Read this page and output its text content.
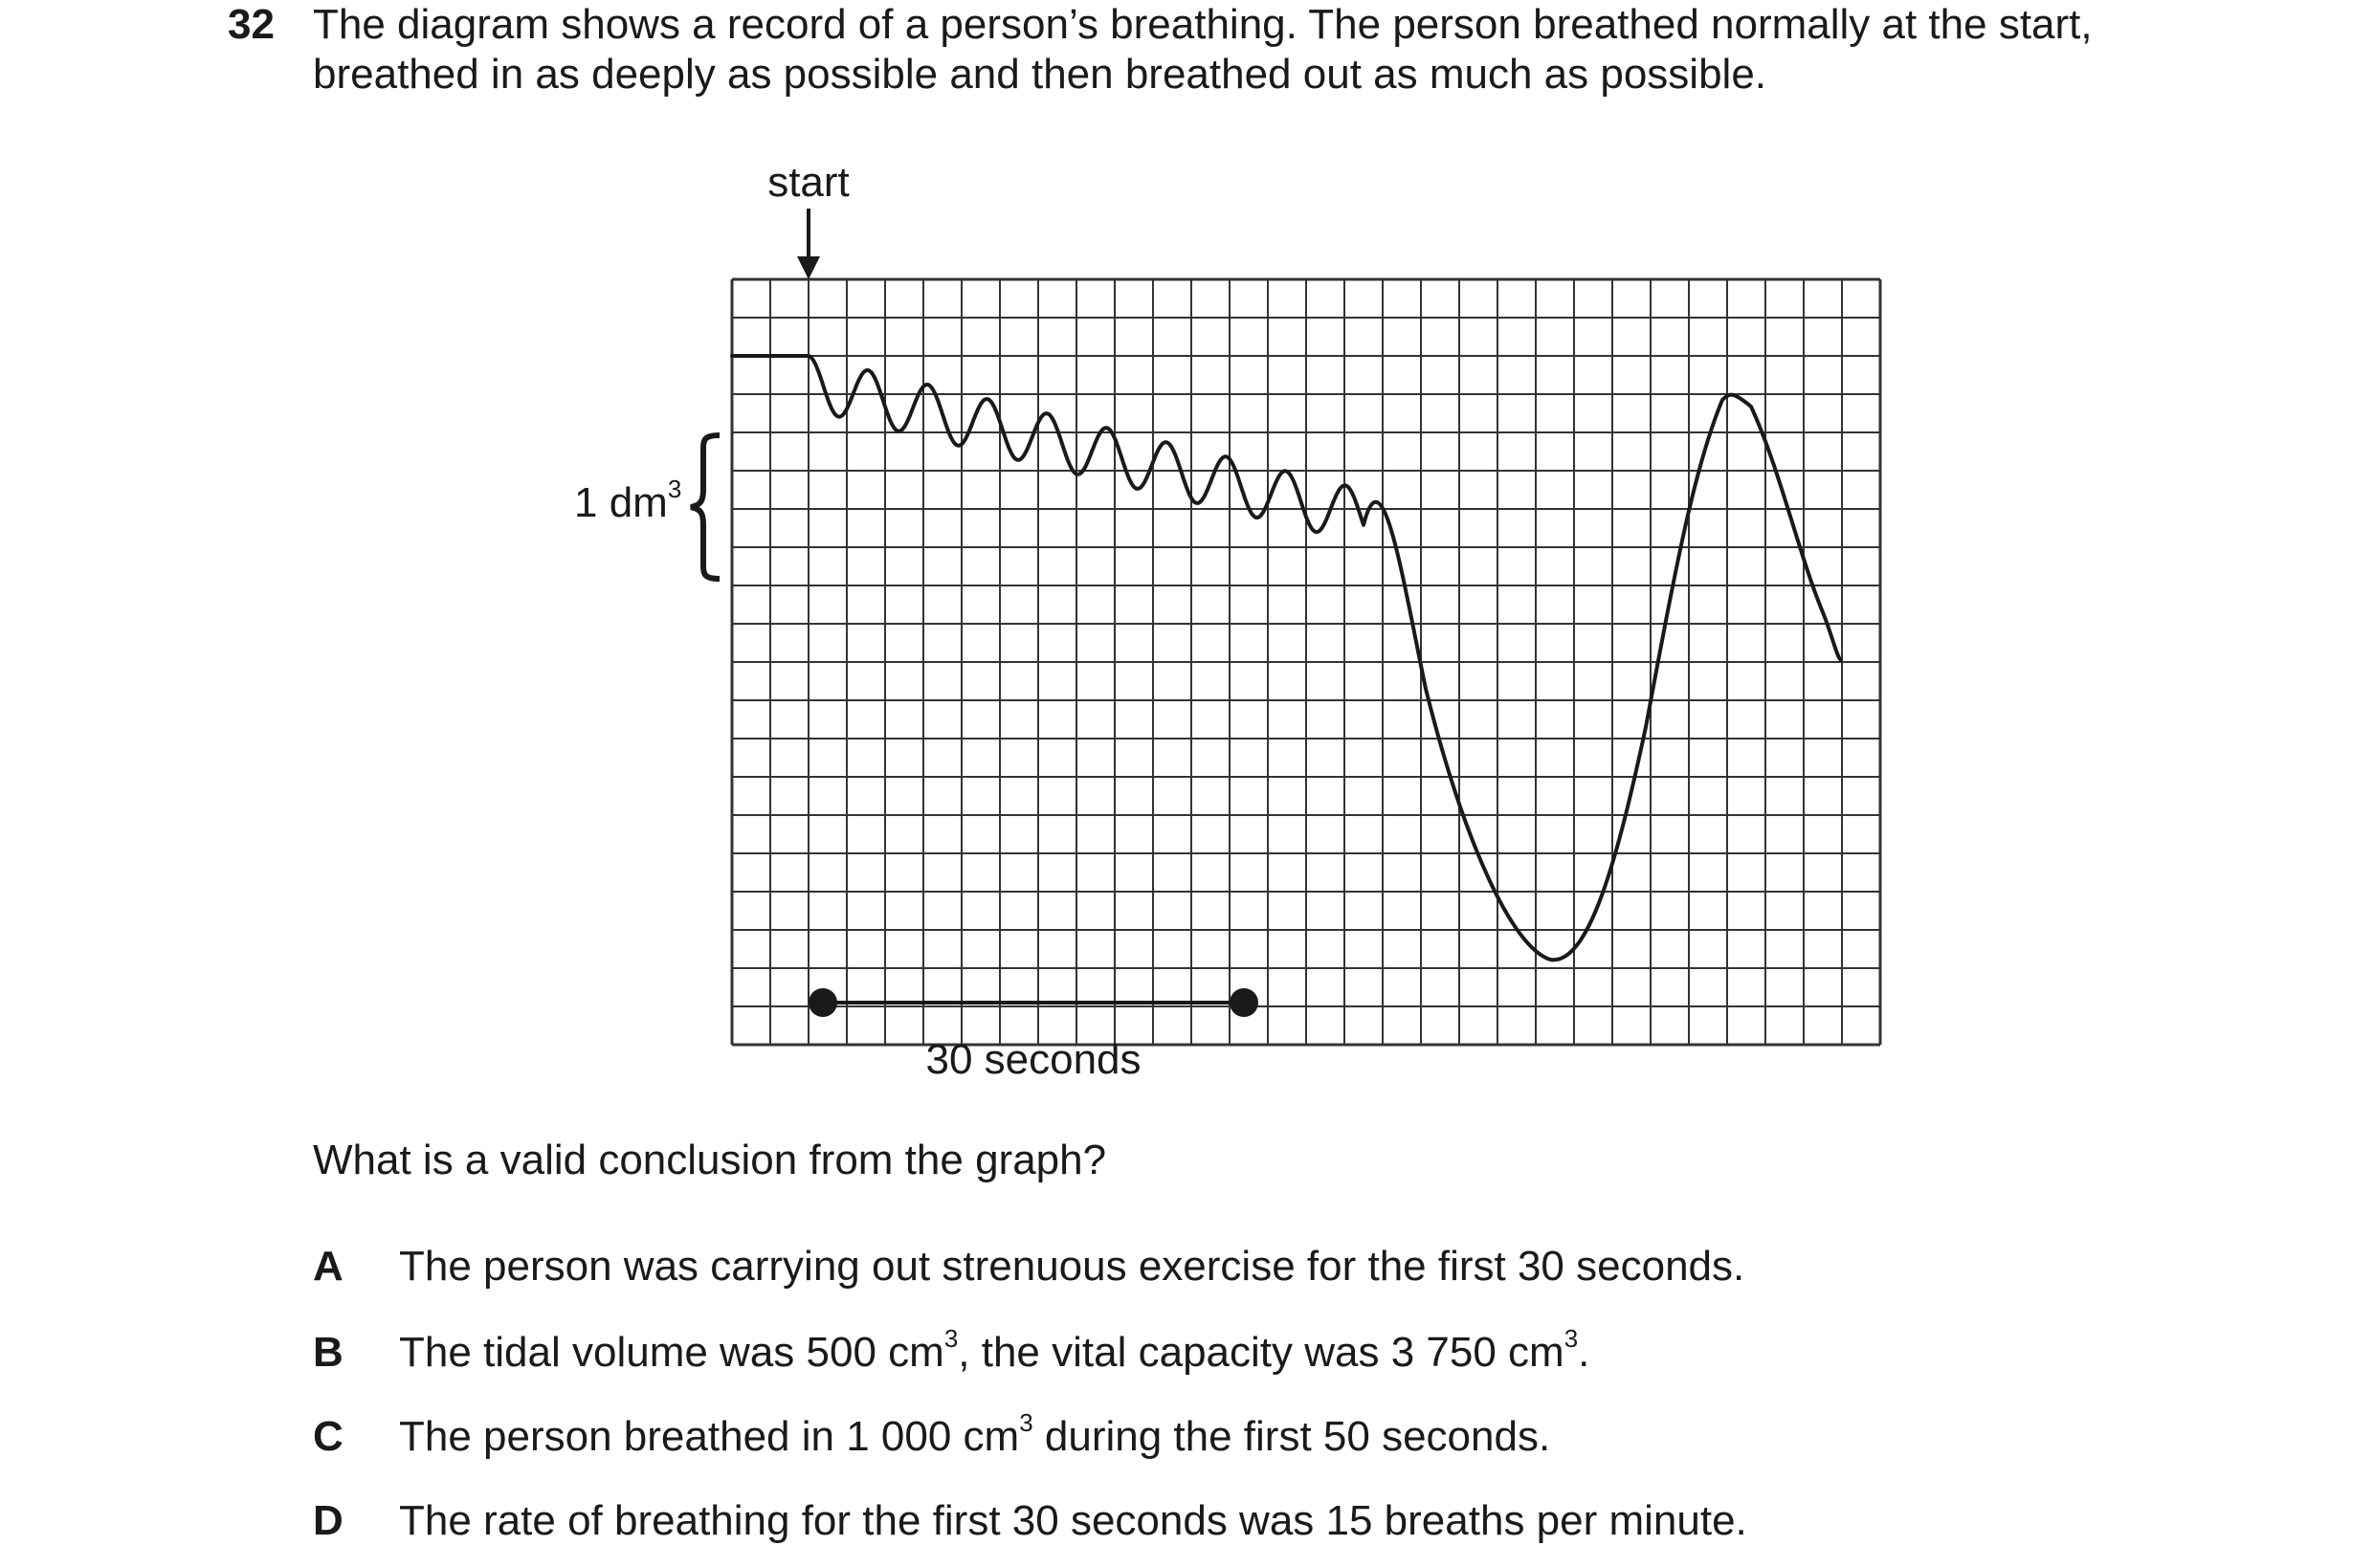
32 The diagram shows a record of a person’s breathing. The person breathed normally at the start,
breathed in as deeply as possible and then breathed out as much as possible.
start
1 $dm^3$
30 seconds
What is a valid conclusion from the graph?
A The person was carrying out strenuous exercise for the first 30 seconds.
B The tidal volume was 500 $cm^3$, the vital capacity was 3 750 $cm^3$.
C The person breathed in 1 000 $cm^3$ during the first 50 seconds.
D The rate of breathing for the first 30 seconds was 15 breaths per minute.
